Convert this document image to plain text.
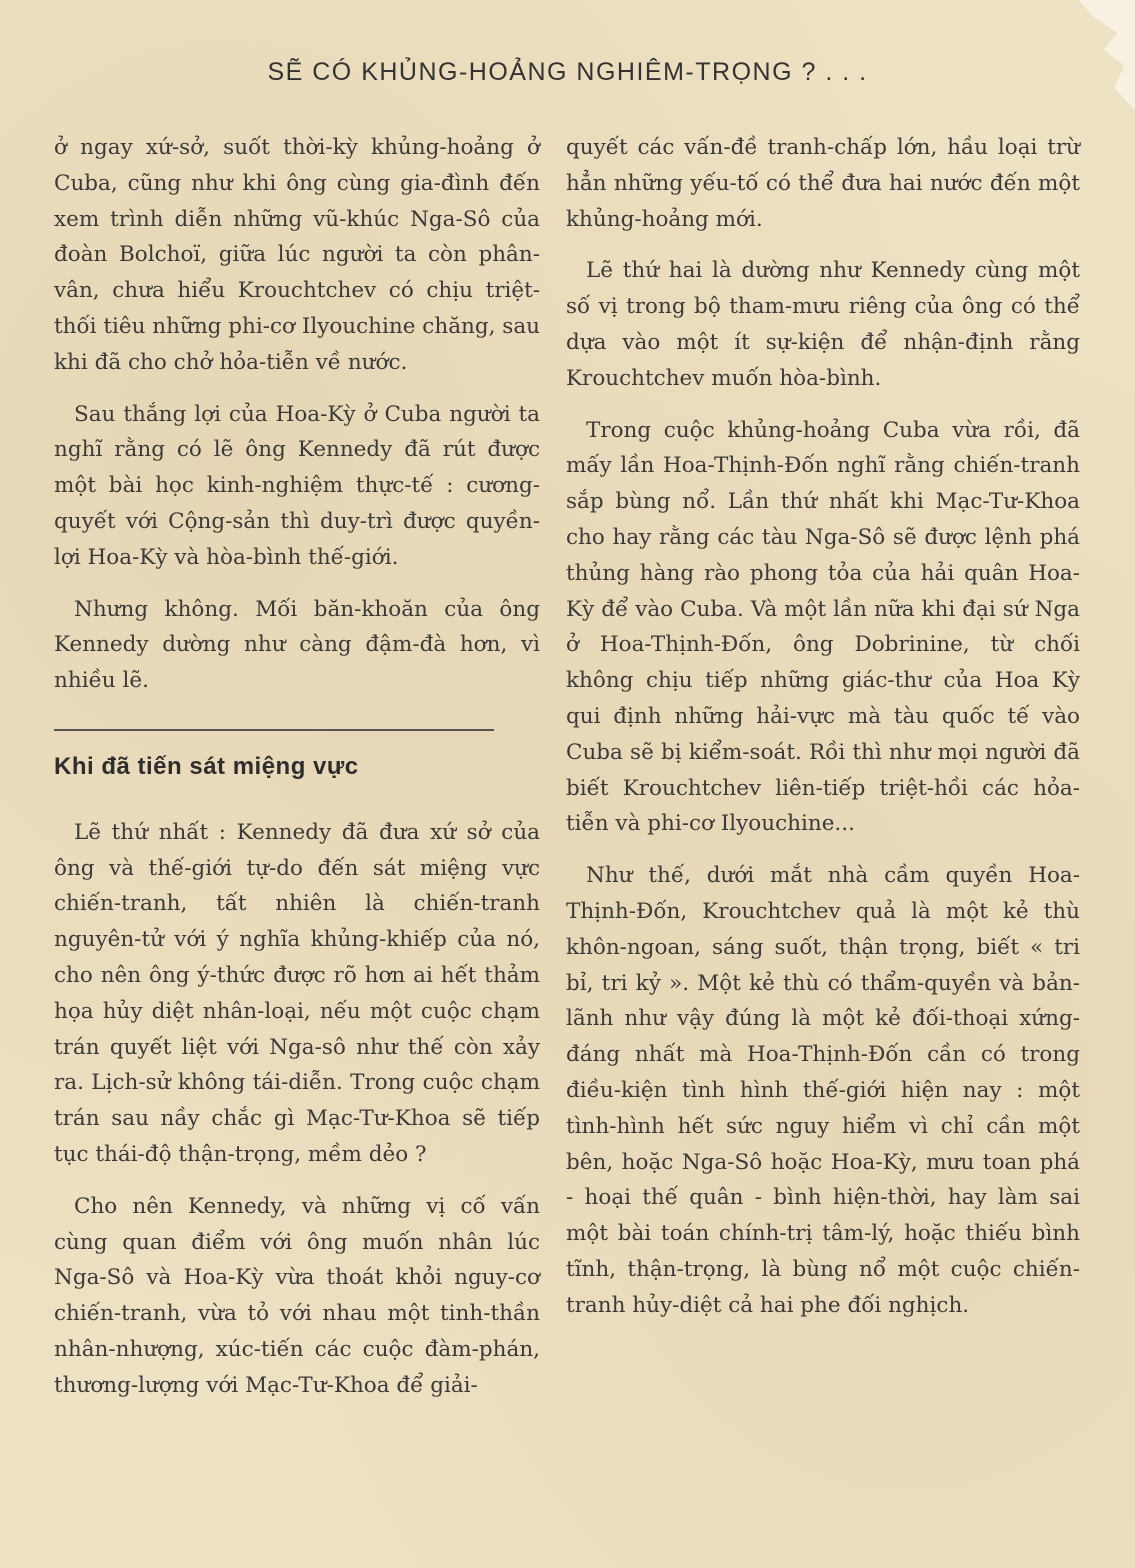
SẼ CÓ KHỦNG-HOẢNG NGHIÊM-TRỌNG ? . . .

ở ngay xứ-sở, suốt thời-kỳ khủng-hoảng ở Cuba, cũng như khi ông cùng gia-đình đến xem trình diễn những vũ-khúc Nga-Sô của đoàn Bolchoï, giữa lúc người ta còn phân-vân, chưa hiểu Krouchtchev có chịu triệt-thối tiêu những phi-cơ Ilyouchine chăng, sau khi đã cho chở hỏa-tiễn về nước.

Sau thắng lợi của Hoa-Kỳ ở Cuba người ta nghĩ rằng có lẽ ông Kennedy đã rút được một bài học kinh-nghiệm thực-tế : cương-quyết với Cộng-sản thì duy-trì được quyền-lợi Hoa-Kỳ và hòa-bình thế-giới.

Nhưng không. Mối băn-khoăn của ông Kennedy dường như càng đậm-đà hơn, vì nhiều lẽ.

Khi đã tiến sát miệng vực

Lẽ thứ nhất : Kennedy đã đưa xứ sở của ông và thế-giới tự-do đến sát miệng vực chiến-tranh, tất nhiên là chiến-tranh nguyên-tử với ý nghĩa khủng-khiếp của nó, cho nên ông ý-thức được rõ hơn ai hết thảm họa hủy diệt nhân-loại, nếu một cuộc chạm trán quyết liệt với Nga-sô như thế còn xảy ra. Lịch-sử không tái-diễn. Trong cuộc chạm trán sau nầy chắc gì Mạc-Tư-Khoa sẽ tiếp tục thái-độ thận-trọng, mềm dẻo ?

Cho nên Kennedy, và những vị cố vấn cùng quan điểm với ông muốn nhân lúc Nga-Sô và Hoa-Kỳ vừa thoát khỏi nguy-cơ chiến-tranh, vừa tỏ với nhau một tinh-thần nhân-nhượng, xúc-tiến các cuộc đàm-phán, thương-lượng với Mạc-Tư-Khoa để giải-

quyết các vấn-đề tranh-chấp lớn, hầu loại trừ hẳn những yếu-tố có thể đưa hai nước đến một khủng-hoảng mới.

Lẽ thứ hai là dường như Kennedy cùng một số vị trong bộ tham-mưu riêng của ông có thể dựa vào một ít sự-kiện để nhận-định rằng Krouchtchev muốn hòa-bình.

Trong cuộc khủng-hoảng Cuba vừa rồi, đã mấy lần Hoa-Thịnh-Đốn nghĩ rằng chiến-tranh sắp bùng nổ. Lần thứ nhất khi Mạc-Tư-Khoa cho hay rằng các tàu Nga-Sô sẽ được lệnh phá thủng hàng rào phong tỏa của hải quân Hoa-Kỳ để vào Cuba. Và một lần nữa khi đại sứ Nga ở Hoa-Thịnh-Đốn, ông Dobrinine, từ chối không chịu tiếp những giác-thư của Hoa Kỳ qui định những hải-vực mà tàu quốc tế vào Cuba sẽ bị kiểm-soát. Rồi thì như mọi người đã biết Krouchtchev liên-tiếp triệt-hồi các hỏa-tiễn và phi-cơ Ilyouchine...

Như thế, dưới mắt nhà cầm quyền Hoa-Thịnh-Đốn, Krouchtchev quả là một kẻ thù khôn-ngoan, sáng suốt, thận trọng, biết « tri bỉ, tri kỷ ». Một kẻ thù có thẩm-quyền và bản-lãnh như vậy đúng là một kẻ đối-thoại xứng-đáng nhất mà Hoa-Thịnh-Đốn cần có trong điều-kiện tình hình thế-giới hiện nay : một tình-hình hết sức nguy hiểm vì chỉ cần một bên, hoặc Nga-Sô hoặc Hoa-Kỳ, mưu toan phá - hoại thế quân - bình hiện-thời, hay làm sai một bài toán chính-trị tâm-lý, hoặc thiếu bình tĩnh, thận-trọng, là bùng nổ một cuộc chiến-tranh hủy-diệt cả hai phe đối nghịch.
